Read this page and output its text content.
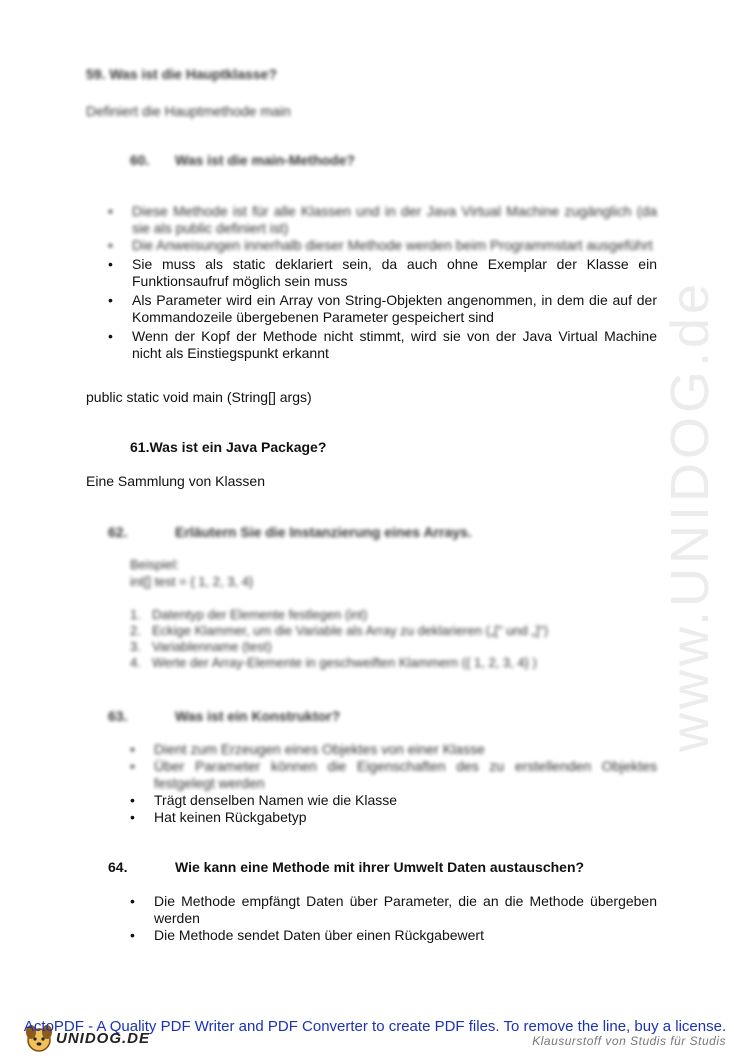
www.UNIDOG.de
59. Was ist die Hauptklasse?
Definiert die Hauptmethode main
60. Was ist die main-Methode?
• Diese Methode ist für alle Klassen und in der Java Virtual Machine zugänglich (da sie als public definiert ist)
• Die Anweisungen innerhalb dieser Methode werden beim Programmstart ausgeführt
• Sie muss als static deklariert sein, da auch ohne Exemplar der Klasse ein Funktionsaufruf möglich sein muss
• Als Parameter wird ein Array von String-Objekten angenommen, in dem die auf der Kommandozeile übergebenen Parameter gespeichert sind
• Wenn der Kopf der Methode nicht stimmt, wird sie von der Java Virtual Machine nicht als Einstiegspunkt erkannt
public static void main (String[] args)
61.Was ist ein Java Package?
Eine Sammlung von Klassen
62.	Erläutern Sie die Instanzierung eines Arrays.
Beispiel:
int[] test = { 1, 2, 3, 4}
1. Datentyp der Elemente festlegen (int)
2. Eckige Klammer, um die Variable als Array zu deklarieren („[" und „]")
3. Variablenname (test)
4. Werte der Array-Elemente in geschweiften Klammern ({ 1, 2, 3, 4} )
63.	Was ist ein Konstruktor?
• Dient zum Erzeugen eines Objektes von einer Klasse
• Über Parameter können die Eigenschaften des zu erstellenden Objektes festgelegt werden
• Trägt denselben Namen wie die Klasse
• Hat keinen Rückgabetyp
64.	Wie kann eine Methode mit ihrer Umwelt Daten austauschen?
• Die Methode empfängt Daten über Parameter, die an die Methode übergeben werden
• Die Methode sendet Daten über einen Rückgabewert
UNIDOG.DE	Klausurstoff von Studis für Studis
ActoPDF - A Quality PDF Writer and PDF Converter to create PDF files. To remove the line, buy a license.
